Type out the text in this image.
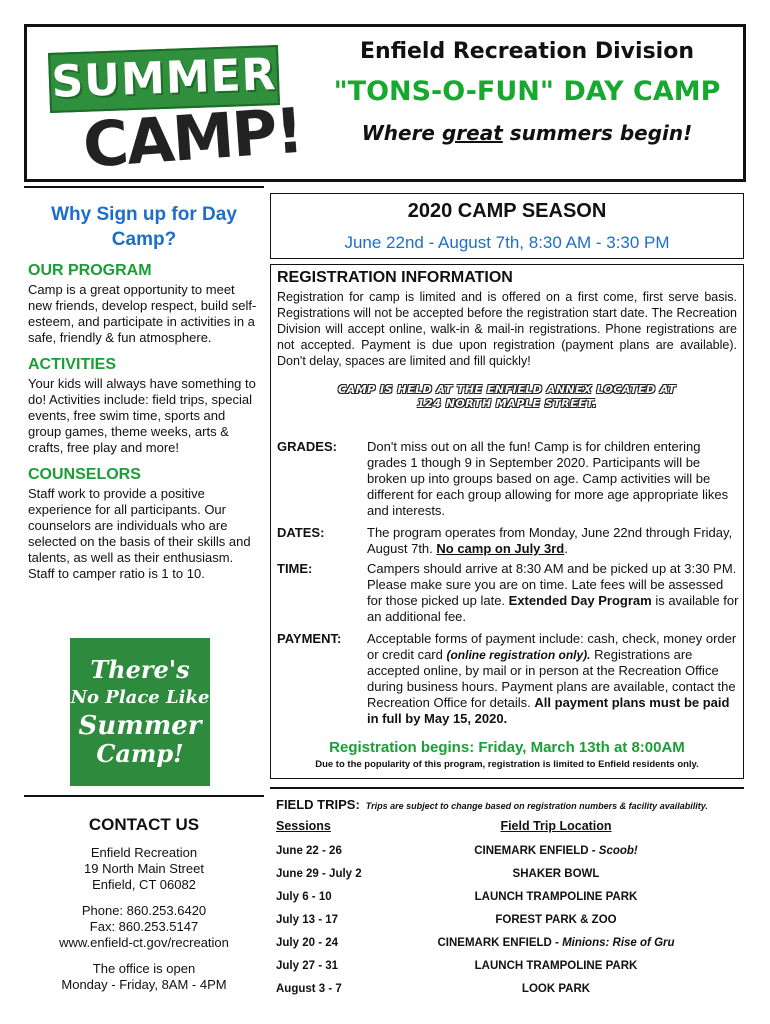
SUMMER
CAMP!
Enfield Recreation Division
"TONS-O-FUN" DAY CAMP
Where great summers begin!
Why Sign up for Day Camp?
OUR PROGRAM
Camp is a great opportunity to meet new friends, develop respect, build self-esteem, and participate in activities in a safe, friendly & fun atmosphere.
ACTIVITIES
Your kids will always have something to do! Activities include: field trips, special events, free swim time, sports and group games, theme weeks, arts & crafts, free play and more!
COUNSELORS
Staff work to provide a positive experience for all participants. Our counselors are individuals who are selected on the basis of their skills and talents, as well as their enthusiasm. Staff to camper ratio is 1 to 10.
There's
No Place Like
Summer
Camp!
CONTACT US
Enfield Recreation
19 North Main Street
Enfield, CT 06082
Phone: 860.253.6420
Fax: 860.253.5147
www.enfield-ct.gov/recreation
The office is open
Monday - Friday, 8AM - 4PM
2020 CAMP SEASON
June 22nd - August 7th, 8:30 AM - 3:30 PM
REGISTRATION INFORMATION
Registration for camp is limited and is offered on a first come, first serve basis. Registrations will not be accepted before the registration start date. The Recreation Division will accept online, walk-in & mail-in registrations. Phone registrations are not accepted. Payment is due upon registration (payment plans are available). Don't delay, spaces are limited and fill quickly!
CAMP IS HELD AT THE ENFIELD ANNEX LOCATED AT
124 NORTH MAPLE STREET.
GRADES: Don't miss out on all the fun! Camp is for children entering grades 1 though 9 in September 2020. Participants will be broken up into groups based on age. Camp activities will be different for each group allowing for more age appropriate likes and interests.
DATES:	The program operates from Monday, June 22nd through Friday, August 7th. No camp on July 3rd.
TIME:	Campers should arrive at 8:30 AM and be picked up at 3:30 PM. Please make sure you are on time. Late fees will be assessed for those picked up late. Extended Day Program is available for an additional fee.
PAYMENT: Acceptable forms of payment include: cash, check, money order or credit card (online registration only). Registrations are accepted online, by mail or in person at the Recreation Office during business hours. Payment plans are available, contact the Recreation Office for details. All payment plans must be paid in full by May 15, 2020.
Registration begins: Friday, March 13th at 8:00AM
Due to the popularity of this program, registration is limited to Enfield residents only.
FIELD TRIPS: Trips are subject to change based on registration numbers & facility availability.
Sessions	Field Trip Location
June 22 - 26	CINEMARK ENFIELD - Scoob!
June 29 - July 2	SHAKER BOWL
July 6 - 10	LAUNCH TRAMPOLINE PARK
July 13 - 17	FOREST PARK & ZOO
July 20 - 24	CINEMARK ENFIELD - Minions: Rise of Gru
July 27 - 31	LAUNCH TRAMPOLINE PARK
August 3 - 7	LOOK PARK
